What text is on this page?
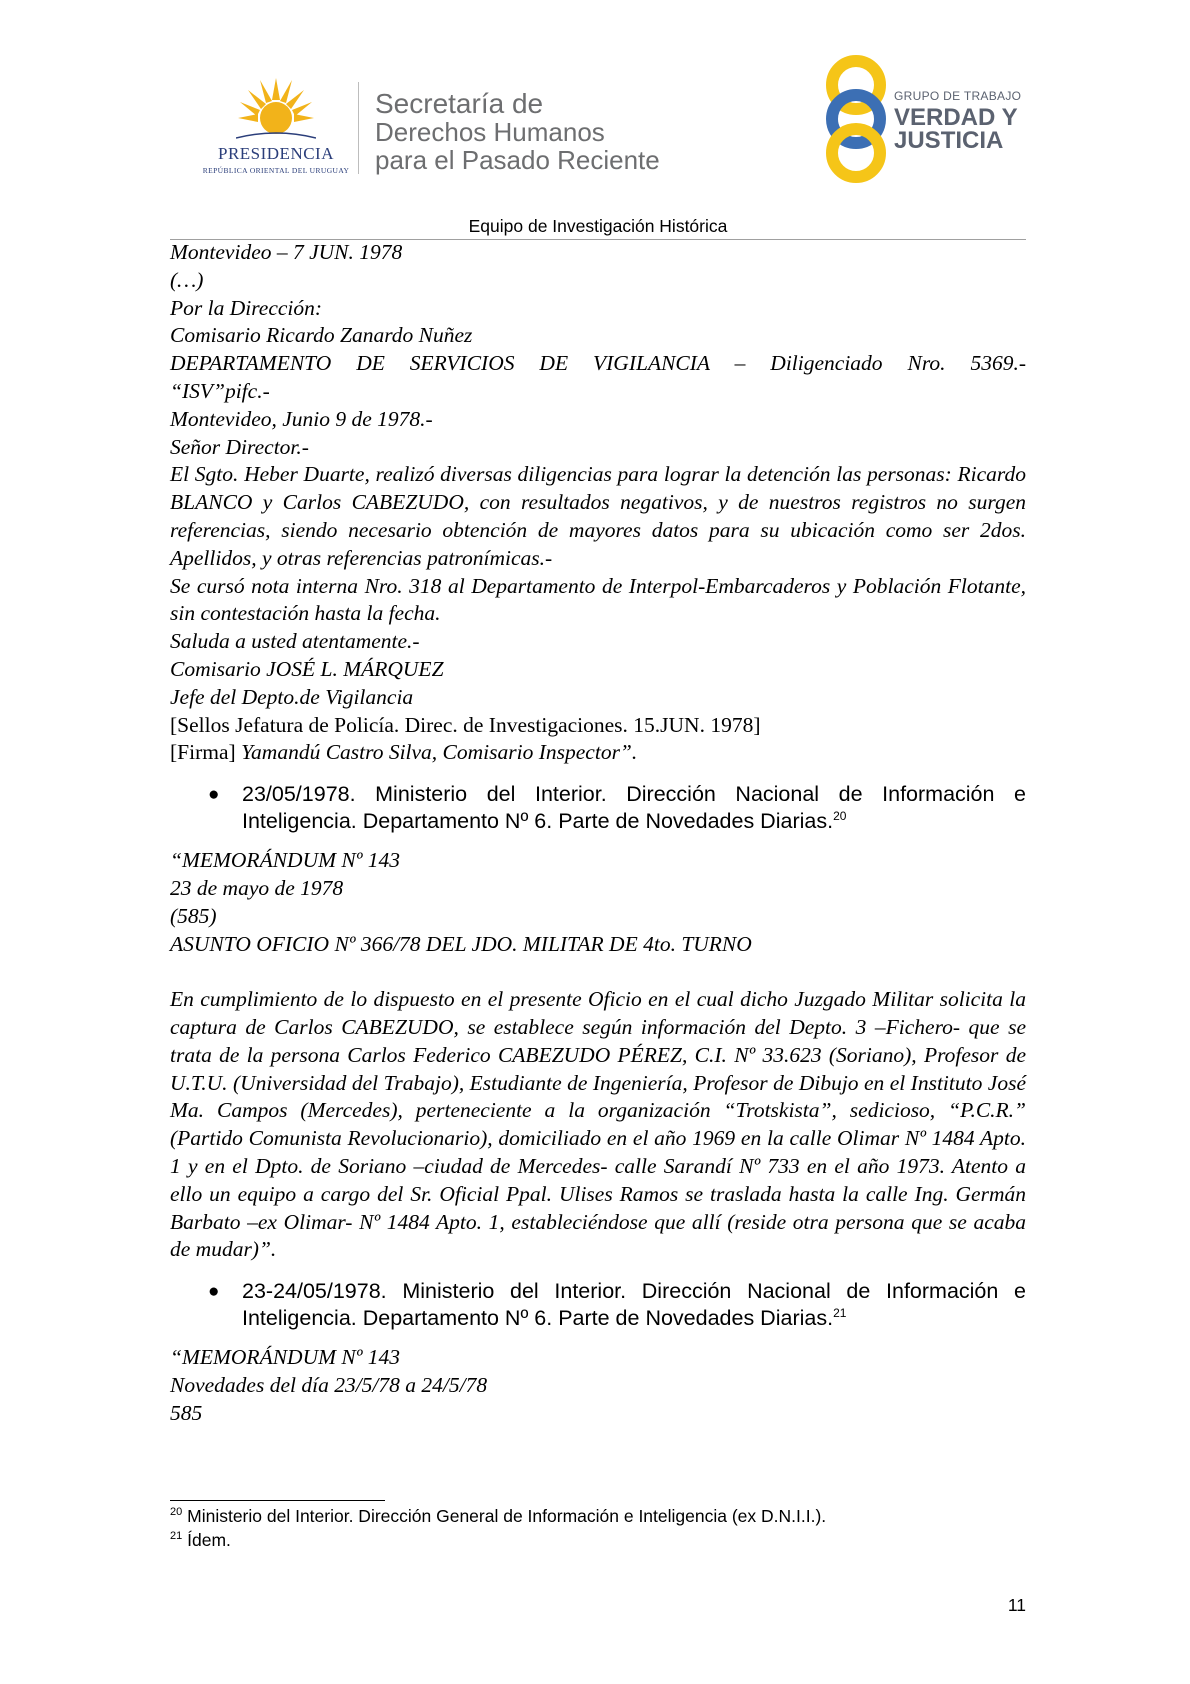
PRESIDENCIA
REPÚBLICA ORIENTAL DEL URUGUAY
Secretaría de
Derechos Humanos
para el Pasado Reciente
GRUPO DE TRABAJO
VERDAD Y
JUSTICIA
Equipo de Investigación Histórica

Montevideo – 7 JUN. 1978

(…)

Por la Dirección:

Comisario Ricardo Zanardo Nuñez

DEPARTAMENTO DE SERVICIOS DE VIGILANCIA – Diligenciado Nro. 5369.-

“ISV”pifc.-

Montevideo, Junio 9 de 1978.-

Señor Director.-

El Sgto. Heber Duarte, realizó diversas diligencias para lograr la detención las personas: Ricardo BLANCO y Carlos CABEZUDO, con resultados negativos, y de nuestros registros no surgen referencias, siendo necesario obtención de mayores datos para su ubicación como ser 2dos. Apellidos, y otras referencias patronímicas.-

Se cursó nota interna Nro. 318 al Departamento de Interpol-Embarcaderos y Población Flotante, sin contestación hasta la fecha.

Saluda a usted atentamente.-

Comisario JOSÉ L. MÁRQUEZ

Jefe del Depto.de Vigilancia

[Sellos Jefatura de Policía. Direc. de Investigaciones. 15.JUN. 1978]

[Firma] Yamandú Castro Silva, Comisario Inspector”.

● 23/05/1978. Ministerio del Interior. Dirección Nacional de Información e Inteligencia. Departamento Nº 6. Parte de Novedades Diarias.$^{20}$

“MEMORÁNDUM Nº 143

23 de mayo de 1978

(585)

ASUNTO OFICIO Nº 366/78 DEL JDO. MILITAR DE 4to. TURNO

En cumplimiento de lo dispuesto en el presente Oficio en el cual dicho Juzgado Militar solicita la captura de Carlos CABEZUDO, se establece según información del Depto. 3 –Fichero- que se trata de la persona Carlos Federico CABEZUDO PÉREZ, C.I. Nº 33.623 (Soriano), Profesor de U.T.U. (Universidad del Trabajo), Estudiante de Ingeniería, Profesor de Dibujo en el Instituto José Ma. Campos (Mercedes), perteneciente a la organización “Trotskista”, sedicioso, “P.C.R.” (Partido Comunista Revolucionario), domiciliado en el año 1969 en la calle Olimar Nº 1484 Apto. 1 y en el Dpto. de Soriano –ciudad de Mercedes- calle Sarandí Nº 733 en el año 1973. Atento a ello un equipo a cargo del Sr. Oficial Ppal. Ulises Ramos se traslada hasta la calle Ing. Germán Barbato –ex Olimar- Nº 1484 Apto. 1, estableciéndose que allí (reside otra persona que se acaba de mudar)”.

● 23-24/05/1978. Ministerio del Interior. Dirección Nacional de Información e Inteligencia. Departamento Nº 6. Parte de Novedades Diarias.$^{21}$

“MEMORÁNDUM Nº 143

Novedades del día 23/5/78 a 24/5/78

585

$^{20}$ Ministerio del Interior. Dirección General de Información e Inteligencia (ex D.N.I.I.).
$^{21}$ Ídem.
11
